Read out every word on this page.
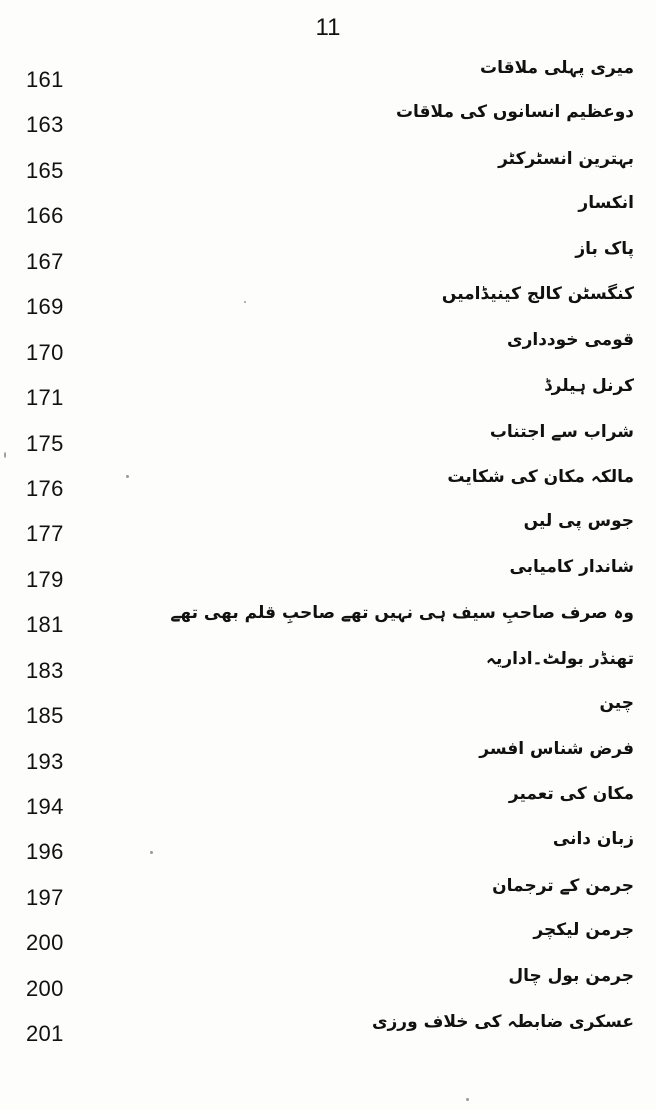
11
میری پہلی ملاقات
161
دوعظیم انسانوں کی ملاقات
163
بہترین انسٹرکٹر
165
انکسار
166
پاک باز
167
کنگسٹن کالج کینیڈامیں
169
قومی خودداری
170
کرنل ہیلرڈ
171
شراب سے اجتناب
175
مالکہ مکان کی شکایت
176
جوس پی لیں
177
شاندار کامیابی
179
وہ صرف صاحبِ سیف ہی نہیں تھے صاحبِ قلم بھی تھے
181
تھنڈر بولٹ۔اداریہ
183
چین
185
فرض شناس افسر
193
مکان کی تعمیر
194
زبان دانی
196
جرمن کے ترجمان
197
جرمن لیکچر
200
جرمن بول چال
200
عسکری ضابطہ کی خلاف ورزی
201
